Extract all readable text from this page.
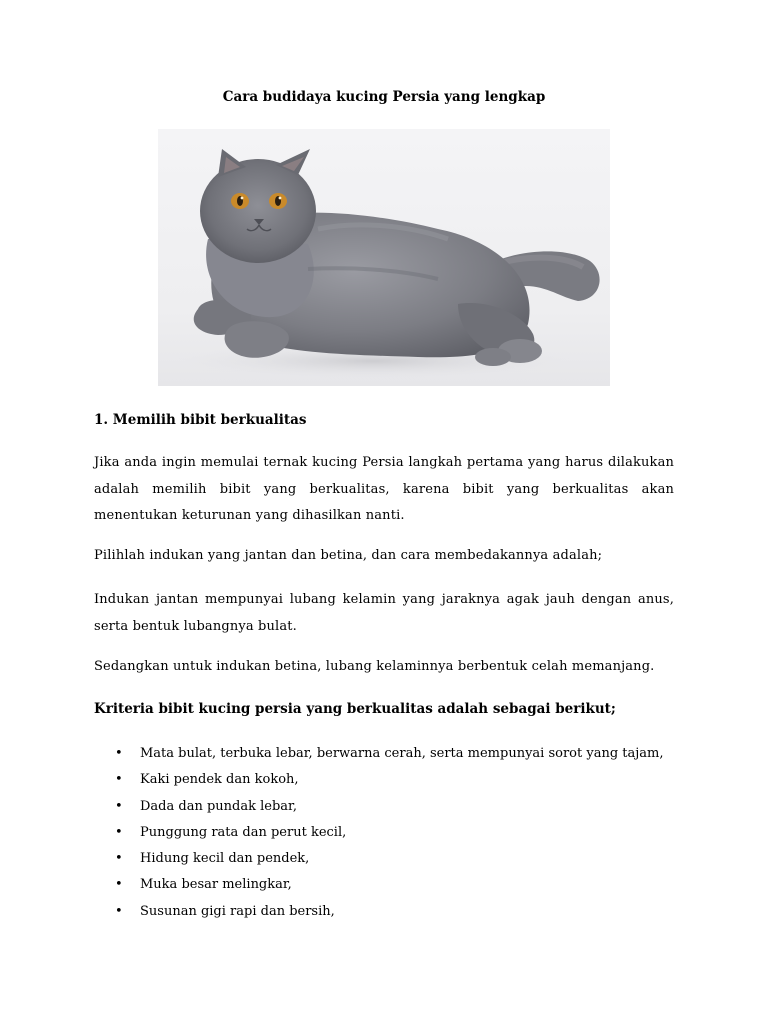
Cara budidaya kucing Persia yang lengkap
1. Memilih bibit berkualitas

Jika anda ingin memulai ternak kucing Persia langkah pertama yang harus dilakukan adalah memilih bibit yang berkualitas, karena bibit yang berkualitas akan menentukan keturunan yang dihasilkan nanti.

Pilihlah indukan yang jantan dan betina, dan cara membedakannya adalah;

Indukan jantan mempunyai lubang kelamin yang jaraknya agak jauh dengan anus, serta bentuk lubangnya bulat.

Sedangkan untuk indukan betina, lubang kelaminnya berbentuk celah memanjang.

Kriteria bibit kucing persia yang berkualitas adalah sebagai berikut;
• Mata bulat, terbuka lebar, berwarna cerah, serta mempunyai sorot yang tajam,
• Kaki pendek dan kokoh,
• Dada dan pundak lebar,
• Punggung rata dan perut kecil,
• Hidung kecil dan pendek,
• Muka besar melingkar,
• Susunan gigi rapi dan bersih,
